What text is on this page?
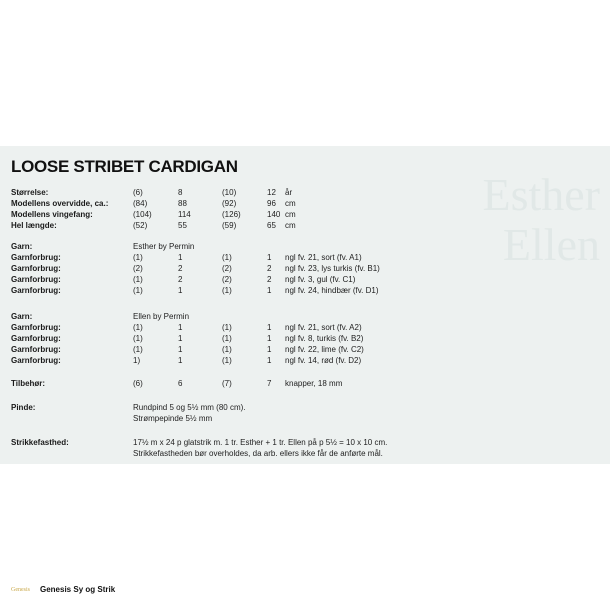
Esther
Ellen
LOOSE STRIBET CARDIGAN
Størrelse:	(6)	8	(10)	12 år
Modellens overvidde, ca.:	(84)	88	(92)	96 cm
Modellens vingefang:	(104)	114	(126)	140 cm
Hel længde:	(52)	55	(59)	65 cm
Garn:	Esther by Permin
Garnforbrug:	(1)	1	(1)	1 ngl fv. 21, sort (fv. A1)
Garnforbrug:	(2)	2	(2)	2 ngl fv. 23, lys turkis (fv. B1)
Garnforbrug:	(1)	2	(2)	2 ngl fv. 3, gul (fv. C1)
Garnforbrug:	(1)	1	(1)	1 ngl fv. 24, hindbær (fv. D1)
Garn:	Ellen by Permin
Garnforbrug:	(1)	1	(1)	1 ngl fv. 21, sort (fv. A2)
Garnforbrug:	(1)	1	(1)	1 ngl fv. 8, turkis (fv. B2)
Garnforbrug:	(1)	1	(1)	1 ngl fv. 22, lime (fv. C2)
Garnforbrug:	1)	1	(1)	1 ngl fv. 14, rød (fv. D2)
Tilbehør:	(6)	6	(7)	7 knapper, 18 mm
Pinde:	Rundpind 5 og 5½ mm (80 cm).
Strømpepinde 5½ mm
Strikkefasthed:	17½ m x 24 p glatstrik m. 1 tr. Esther + 1 tr. Ellen på p 5½ = 10 x 10 cm.
Strikkefastheden bør overholdes, da arb. ellers ikke får de anførte mål.
Genesis Genesis Sy og Strik
